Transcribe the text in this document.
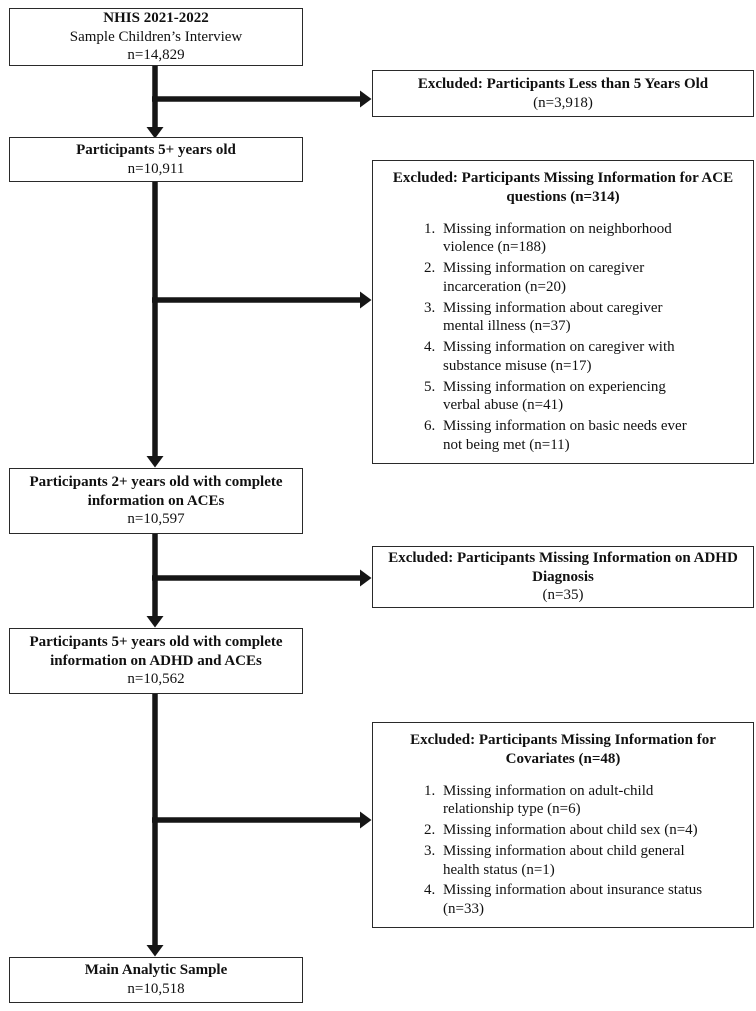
NHIS 2021-2022
Sample Children’s Interview
n=14,829
Participants 5+ years old
n=10,911
Participants 2+ years old with complete information on ACEs
n=10,597
Participants 5+ years old with complete information on ADHD and ACEs
n=10,562
Main Analytic Sample
n=10,518
Excluded: Participants Less than 5 Years Old
(n=3,918)
Excluded: Participants Missing Information for ACE questions (n=314)
1. Missing information on neighborhood violence (n=188)
2. Missing information on caregiver incarceration (n=20)
3. Missing information about caregiver mental illness (n=37)
4. Missing information on caregiver with substance misuse (n=17)
5. Missing information on experiencing verbal abuse (n=41)
6. Missing information on basic needs ever not being met (n=11)
Excluded: Participants Missing Information on ADHD Diagnosis
(n=35)
Excluded: Participants Missing Information for Covariates (n=48)
1. Missing information on adult-child relationship type (n=6)
2. Missing information about child sex (n=4)
3. Missing information about child general health status (n=1)
4. Missing information about insurance status (n=33)
